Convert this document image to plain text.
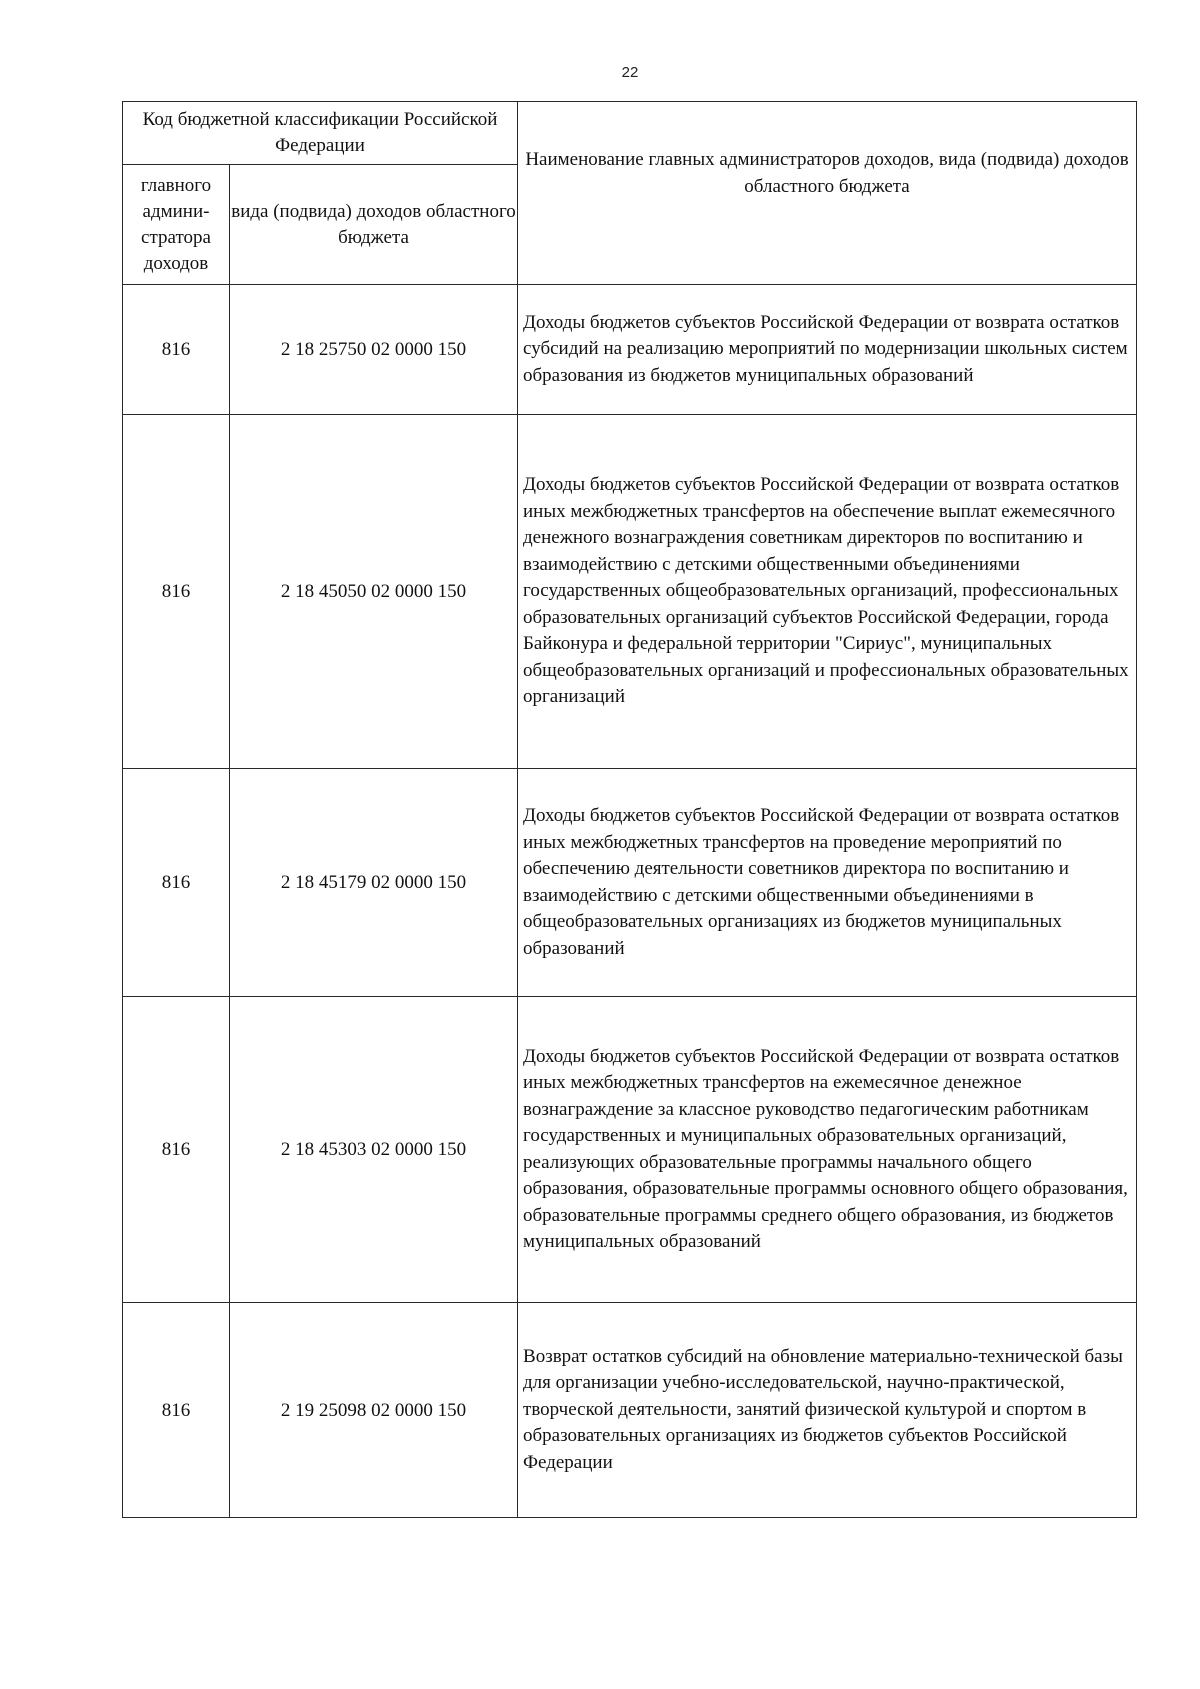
22
Код бюджетной классификации Российской Федерации		Наименование главных администраторов доходов, вида (подвида) доходов областного бюджета
главного админи-стратора доходов	вида (подвида) доходов областного бюджета	
816	2 18 25750 02 0000 150	Доходы бюджетов субъектов Российской Федерации от возврата остатков субсидий на реализацию мероприятий по модернизации школьных систем образования из бюджетов муниципальных образований
816	2 18 45050 02 0000 150	Доходы бюджетов субъектов Российской Федерации от возврата остатков иных межбюджетных трансфертов на обеспечение выплат ежемесячного денежного вознаграждения советникам директоров по воспитанию и взаимодействию с детскими общественными объединениями государственных общеобразовательных организаций, профессиональных образовательных организаций субъектов Российской Федерации, города Байконура и федеральной территории "Сириус", муниципальных общеобразовательных организаций и профессиональных образовательных организаций
816	2 18 45179 02 0000 150	Доходы бюджетов субъектов Российской Федерации от возврата остатков иных межбюджетных трансфертов на проведение мероприятий по обеспечению деятельности советников директора по воспитанию и взаимодействию с детскими общественными объединениями в общеобразовательных организациях из бюджетов муниципальных образований
816	2 18 45303 02 0000 150	Доходы бюджетов субъектов Российской Федерации от возврата остатков иных межбюджетных трансфертов на ежемесячное денежное вознаграждение за классное руководство педагогическим работникам государственных и муниципальных образовательных организаций, реализующих образовательные программы начального общего образования, образовательные программы основного общего образования, образовательные программы среднего общего образования, из бюджетов муниципальных образований
816	2 19 25098 02 0000 150	Возврат остатков субсидий на обновление материально-технической базы для организации учебно-исследовательской, научно-практической, творческой деятельности, занятий физической культурой и спортом в образовательных организациях из бюджетов субъектов Российской Федерации
